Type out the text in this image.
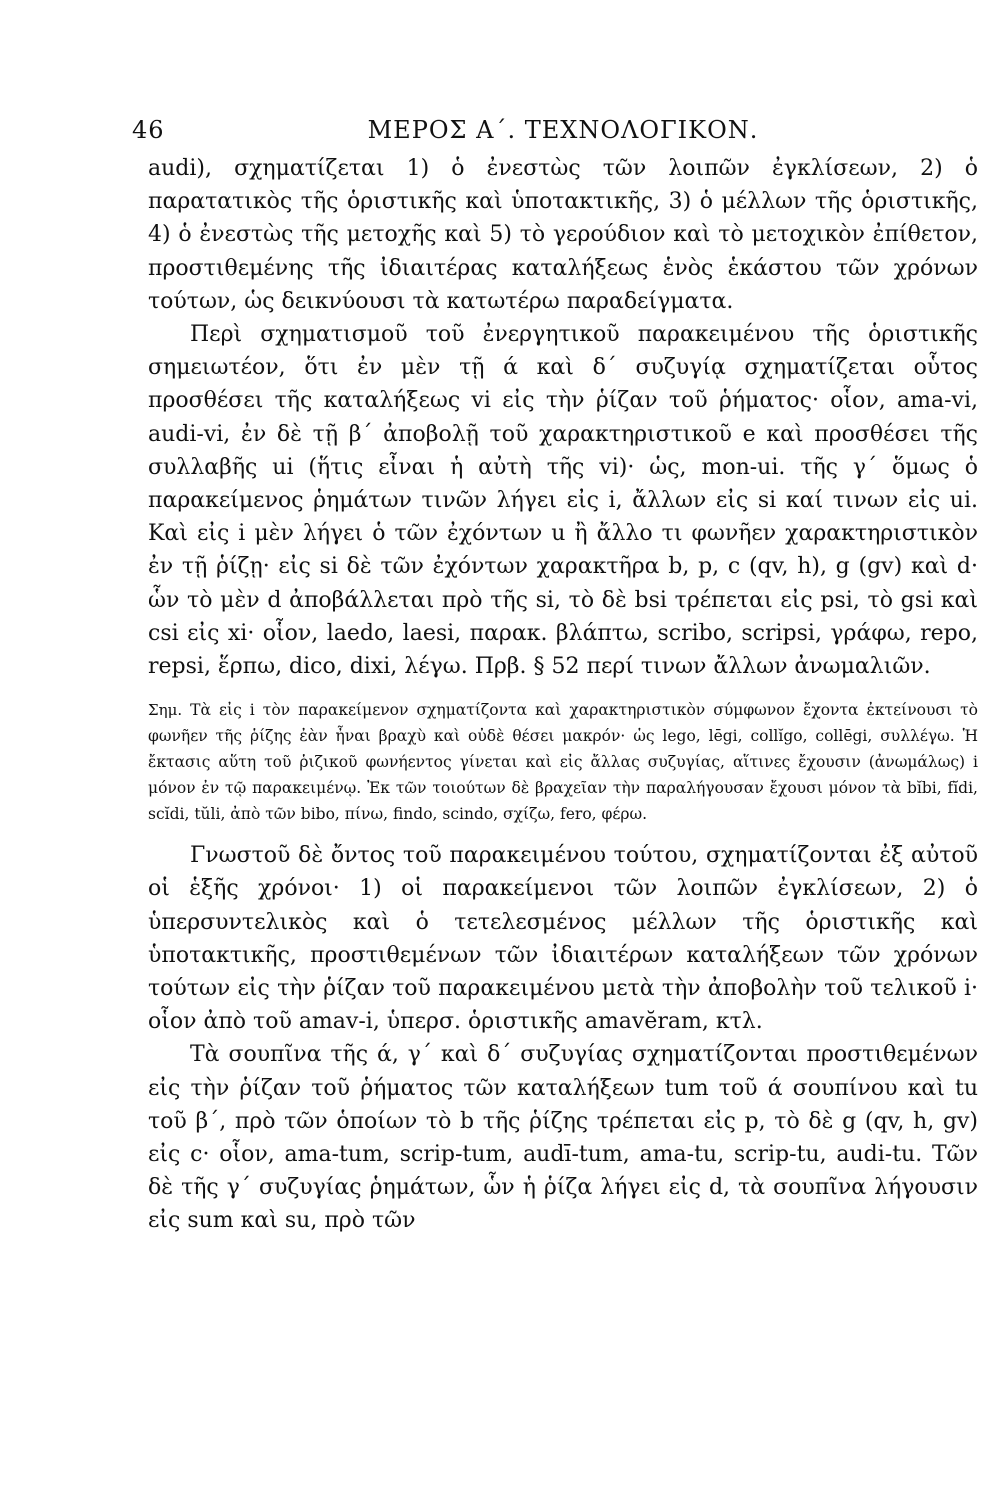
46	ΜΕΡΟΣ Α΄. ΤΕΧΝΟΛΟΓΙΚΟΝ.

audi), σχηματίζεται 1) ὁ ἐνεστὼς τῶν λοιπῶν ἐγκλίσεων, 2) ὁ παρατατικὸς τῆς ὁριστικῆς καὶ ὑποτακτικῆς, 3) ὁ μέλλων τῆς ὁριστικῆς, 4) ὁ ἐνεστὼς τῆς μετοχῆς καὶ 5) τὸ γερούδιον καὶ τὸ μετοχικὸν ἐπίθετον, προστιθεμένης τῆς ἰδιαιτέρας καταλήξεως ἑνὸς ἑκάστου τῶν χρόνων τούτων, ὡς δεικνύουσι τὰ κατωτέρω παραδείγματα.

Περὶ σχηματισμοῦ τοῦ ἐνεργητικοῦ παρακειμένου τῆς ὁριστικῆς σημειωτέον, ὅτι ἐν μὲν τῇ ά καὶ δ΄ συζυγίᾳ σχηματίζεται οὗτος προσθέσει τῆς καταλήξεως vi εἰς τὴν ῥίζαν τοῦ ῥήματος· οἷον, ama-vi, audi-vi, ἐν δὲ τῇ β΄ ἀποβολῇ τοῦ χαρακτηριστικοῦ e καὶ προσθέσει τῆς συλλαβῆς ui (ἥτις εἶναι ἡ αὐτὴ τῆς vi)· ὡς, mon-ui. τῆς γ΄ ὅμως ὁ παρακείμενος ῥημάτων τινῶν λήγει εἰς i, ἄλλων εἰς si καί τινων εἰς ui. Καὶ εἰς i μὲν λήγει ὁ τῶν ἐχόντων u ἢ ἄλλο τι φωνῆεν χαρακτηριστικὸν ἐν τῇ ῥίζῃ· εἰς si δὲ τῶν ἐχόντων χαρακτῆρα b, p, c (qv, h), g (gv) καὶ d· ὧν τὸ μὲν d ἀποβάλλεται πρὸ τῆς si, τὸ δὲ bsi τρέπεται εἰς psi, τὸ gsi καὶ csi εἰς xi· οἷον, laedo, laesi, παρακ. βλάπτω, scribo, scripsi, γράφω, repo, repsi, ἕρπω, dico, dixi, λέγω. Πρβ. § 52 περί τινων ἄλλων ἀνωμαλιῶν.

Σημ. Τὰ εἰς i τὸν παρακείμενον σχηματίζοντα καὶ χαρακτηριστικὸν σύμφωνον ἔχοντα ἐκτείνουσι τὸ φωνῆεν τῆς ῥίζης ἐὰν ἦναι βραχὺ καὶ οὐδὲ θέσει μακρόν· ὡς lego, lēgi, collĭgo, collēgi, συλλέγω. Ἡ ἔκτασις αὕτη τοῦ ῥιζικοῦ φωνήεντος γίνεται καὶ εἰς ἄλλας συζυγίας, αἵτινες ἔχουσιν (ἀνωμάλως) i μόνον ἐν τῷ παρακειμένῳ. Ἐκ τῶν τοιούτων δὲ βραχεῖαν τὴν παραλήγουσαν ἔχουσι μόνον τὰ bĭbi, fĭdi, scĭdi, tŭli, ἀπὸ τῶν bibo, πίνω, findo, scindo, σχίζω, fero, φέρω.

Γνωστοῦ δὲ ὄντος τοῦ παρακειμένου τούτου, σχηματίζονται ἐξ αὐτοῦ οἱ ἑξῆς χρόνοι· 1) οἱ παρακείμενοι τῶν λοιπῶν ἐγκλίσεων, 2) ὁ ὑπερσυντελικὸς καὶ ὁ τετελεσμένος μέλλων τῆς ὁριστικῆς καὶ ὑποτακτικῆς, προστιθεμένων τῶν ἰδιαιτέρων καταλήξεων τῶν χρόνων τούτων εἰς τὴν ῥίζαν τοῦ παρακειμένου μετὰ τὴν ἀποβολὴν τοῦ τελικοῦ i· οἷον ἀπὸ τοῦ amav-i, ὑπερσ. ὁριστικῆς amavĕram, κτλ.

Τὰ σουπῖνα τῆς ά, γ΄ καὶ δ΄ συζυγίας σχηματίζονται προστιθεμένων εἰς τὴν ῥίζαν τοῦ ῥήματος τῶν καταλήξεων tum τοῦ ά σουπίνου καὶ tu τοῦ β΄, πρὸ τῶν ὁποίων τὸ b τῆς ῥίζης τρέπεται εἰς p, τὸ δὲ g (qv, h, gv) εἰς c· οἷον, ama-tum, scrip-tum, audī-tum, ama-tu, scrip-tu, audi-tu. Τῶν δὲ τῆς γ΄ συζυγίας ῥημάτων, ὧν ἡ ῥίζα λήγει εἰς d, τὰ σουπῖνα λήγουσιν εἰς sum καὶ su, πρὸ τῶν
